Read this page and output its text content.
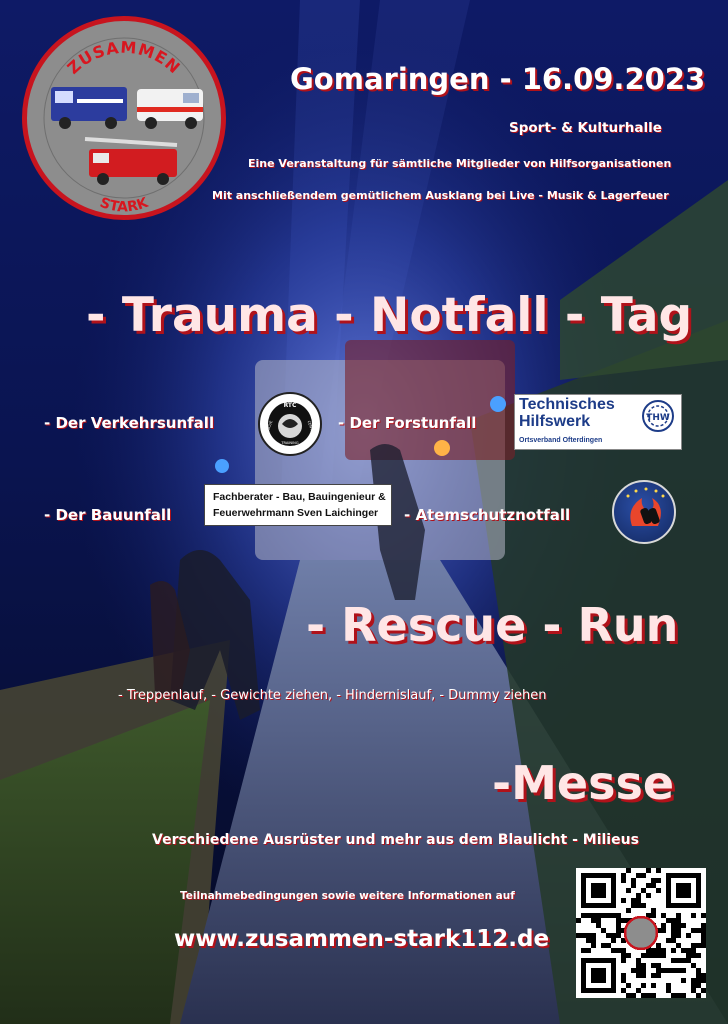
ZUSAMMEN
STARK
Gomaringen - 16.09.2023
Sport- & Kulturhalle
Eine Veranstaltung für sämtliche Mitglieder von Hilfsorganisationen
Mit anschließendem gemütlichem Ausklang bei Live - Musik & Lagerfeuer
- Trauma - Notfall - Tag
- Der Verkehrsunfall	- Der Forstunfall
- Der Bauunfall	- Atemschutznotfall
RTC
RESCUE	CENTER
TRAINING
Technisches
Hilfswerk	THW
Ortsverband Ofterdingen
Fachberater - Bau, Bauingenieur &
Feuerwehrmann Sven Laichinger
- Rescue - Run
- Treppenlauf, - Gewichte ziehen, - Hindernislauf, - Dummy ziehen
-Messe
Verschiedene Ausrüster und mehr aus dem Blaulicht - Milieus
Teilnahmebedingungen sowie weitere Informationen auf
www.zusammen-stark112.de
